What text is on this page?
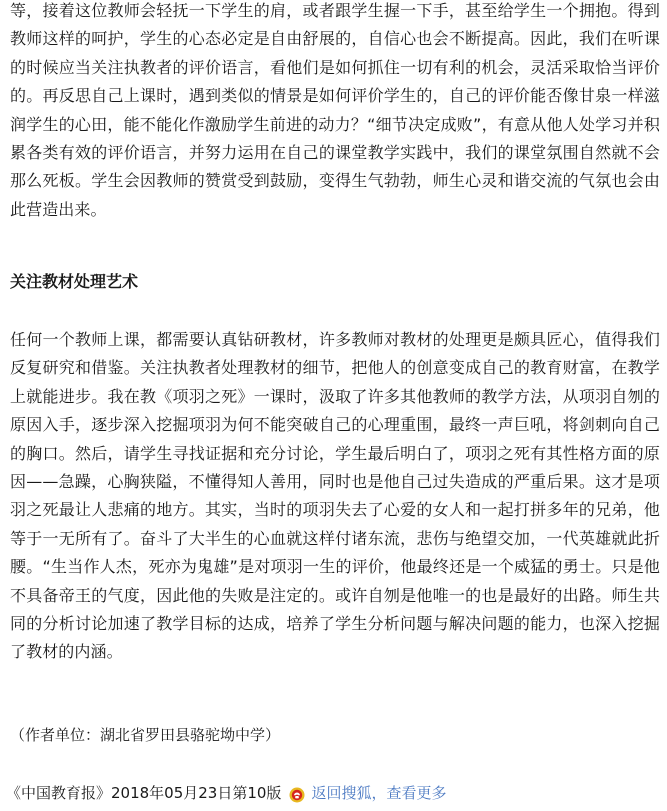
等，接着这位教师会轻抚一下学生的肩，或者跟学生握一下手，甚至给学生一个拥抱。得到教师这样的呵护，学生的心态必定是自由舒展的，自信心也会不断提高。因此，我们在听课的时候应当关注执教者的评价语言，看他们是如何抓住一切有利的机会，灵活采取恰当评价的。再反思自己上课时，遇到类似的情景是如何评价学生的，自己的评价能否像甘泉一样滋润学生的心田，能不能化作激励学生前进的动力？“细节决定成败”，有意从他人处学习并积累各类有效的评价语言，并努力运用在自己的课堂教学实践中，我们的课堂氛围自然就不会那么死板。学生会因教师的赞赏受到鼓励，变得生气勃勃，师生心灵和谐交流的气氛也会由此营造出来。

关注教材处理艺术

任何一个教师上课，都需要认真钻研教材，许多教师对教材的处理更是颇具匠心，值得我们反复研究和借鉴。关注执教者处理教材的细节，把他人的创意变成自己的教育财富，在教学上就能进步。我在教《项羽之死》一课时，汲取了许多其他教师的教学方法，从项羽自刎的原因入手，逐步深入挖掘项羽为何不能突破自己的心理重围，最终一声巨吼，将剑刺向自己的胸口。然后，请学生寻找证据和充分讨论，学生最后明白了，项羽之死有其性格方面的原因——急躁，心胸狭隘，不懂得知人善用，同时也是他自己过失造成的严重后果。这才是项羽之死最让人悲痛的地方。其实，当时的项羽失去了心爱的女人和一起打拼多年的兄弟，他等于一无所有了。奋斗了大半生的心血就这样付诸东流，悲伤与绝望交加，一代英雄就此折腰。“生当作人杰，死亦为鬼雄”是对项羽一生的评价，他最终还是一个威猛的勇士。只是他不具备帝王的气度，因此他的失败是注定的。或许自刎是他唯一的也是最好的出路。师生共同的分析讨论加速了教学目标的达成，培养了学生分析问题与解决问题的能力，也深入挖掘了教材的内涵。

（作者单位：湖北省罗田县骆驼坳中学）

《中国教育报》2018年05月23日第10版 返回搜狐，查看更多
